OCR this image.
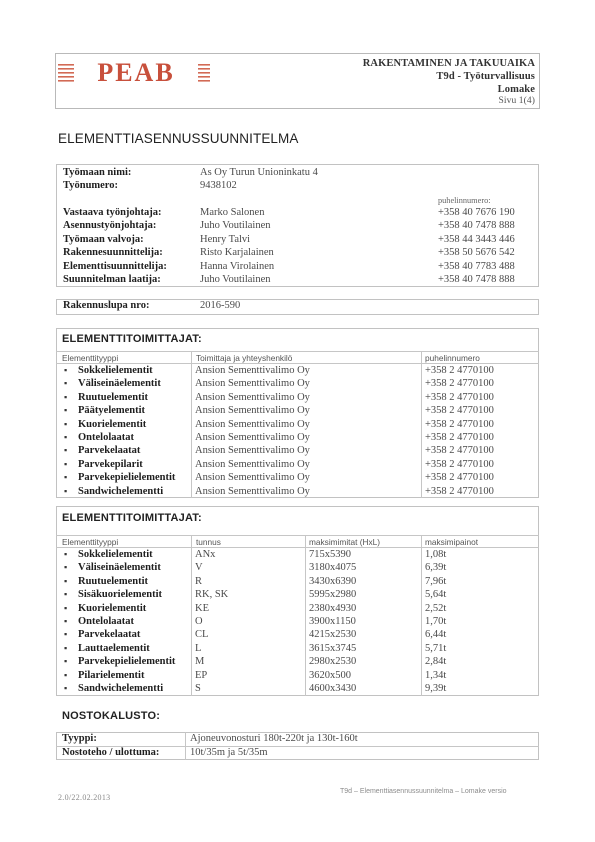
PEAB	RAKENTAMINEN JA TAKUUAIKA
T9d - Työturvallisuus
Lomake
Sivu 1(4)
ELEMENTTIASENNUSSUUNNITELMA
Työmaan nimi:	As Oy Turun Unioninkatu 4
Työnumero:	9438102
puhelinnumero:
Vastaava työnjohtaja:	Marko Salonen	+358 40 7676 190
Asennustyönjohtaja:	Juho Voutilainen	+358 40 7478 888
Työmaan valvoja:	Henry Talvi	+358 44 3443 446
Rakennesuunnittelija:	Risto Karjalainen	+358 50 5676 542
Elementtisuunnittelija:	Hanna Virolainen	+358 40 7783 488
Suunnitelman laatija:	Juho Voutilainen	+358 40 7478 888
Rakennuslupa nro:	2016-590
ELEMENTTITOIMITTAJAT:
Elementtityyppi	Toimittaja ja yhteyshenkilö	puhelinnumero
▪ Sokkelielementit	Ansion Sementtivalimo Oy	+358 2 4770100
▪ Väliseinäelementit	Ansion Sementtivalimo Oy	+358 2 4770100
▪ Ruutuelementit	Ansion Sementtivalimo Oy	+358 2 4770100
▪ Päätyelementit	Ansion Sementtivalimo Oy	+358 2 4770100
▪ Kuorielementit	Ansion Sementtivalimo Oy	+358 2 4770100
▪ Ontelolaatat	Ansion Sementtivalimo Oy	+358 2 4770100
▪ Parvekelaatat	Ansion Sementtivalimo Oy	+358 2 4770100
▪ Parvekepilarit	Ansion Sementtivalimo Oy	+358 2 4770100
▪ Parvekepielielementit Ansion Sementtivalimo Oy	+358 2 4770100
▪ Sandwichelementti	Ansion Sementtivalimo Oy	+358 2 4770100
ELEMENTTITOIMITTAJAT:
Elementtityyppi	tunnus	maksimimitat (HxL)	maksimipainot
▪ Sokkelielementit	ANx	715x5390	1,08t
▪ Väliseinäelementit	V	3180x4075	6,39t
▪ Ruutuelementit	R	3430x6390	7,96t
▪ Sisäkuorielementit	RK, SK	5995x2980	5,64t
▪ Kuorielementit	KE	2380x4930	2,52t
▪ Ontelolaatat	O	3900x1150	1,70t
▪ Parvekelaatat	CL	4215x2530	6,44t
▪ Lauttaelementit	L	3615x3745	5,71t
▪ Parvekepielielementit M	2980x2530	2,84t
▪ Pilarielementit	EP	3620x500	1,34t
▪ Sandwichelementti	S	4600x3430	9,39t
NOSTOKALUSTO:
Tyyppi:	Ajoneuvonosturi 180t-220t ja 130t-160t
Nostoteho / ulottuma:	10t/35m ja 5t/35m
T9d – Elementtiasennussuunnitelma – Lomake versio
2.0/22.02.2013
